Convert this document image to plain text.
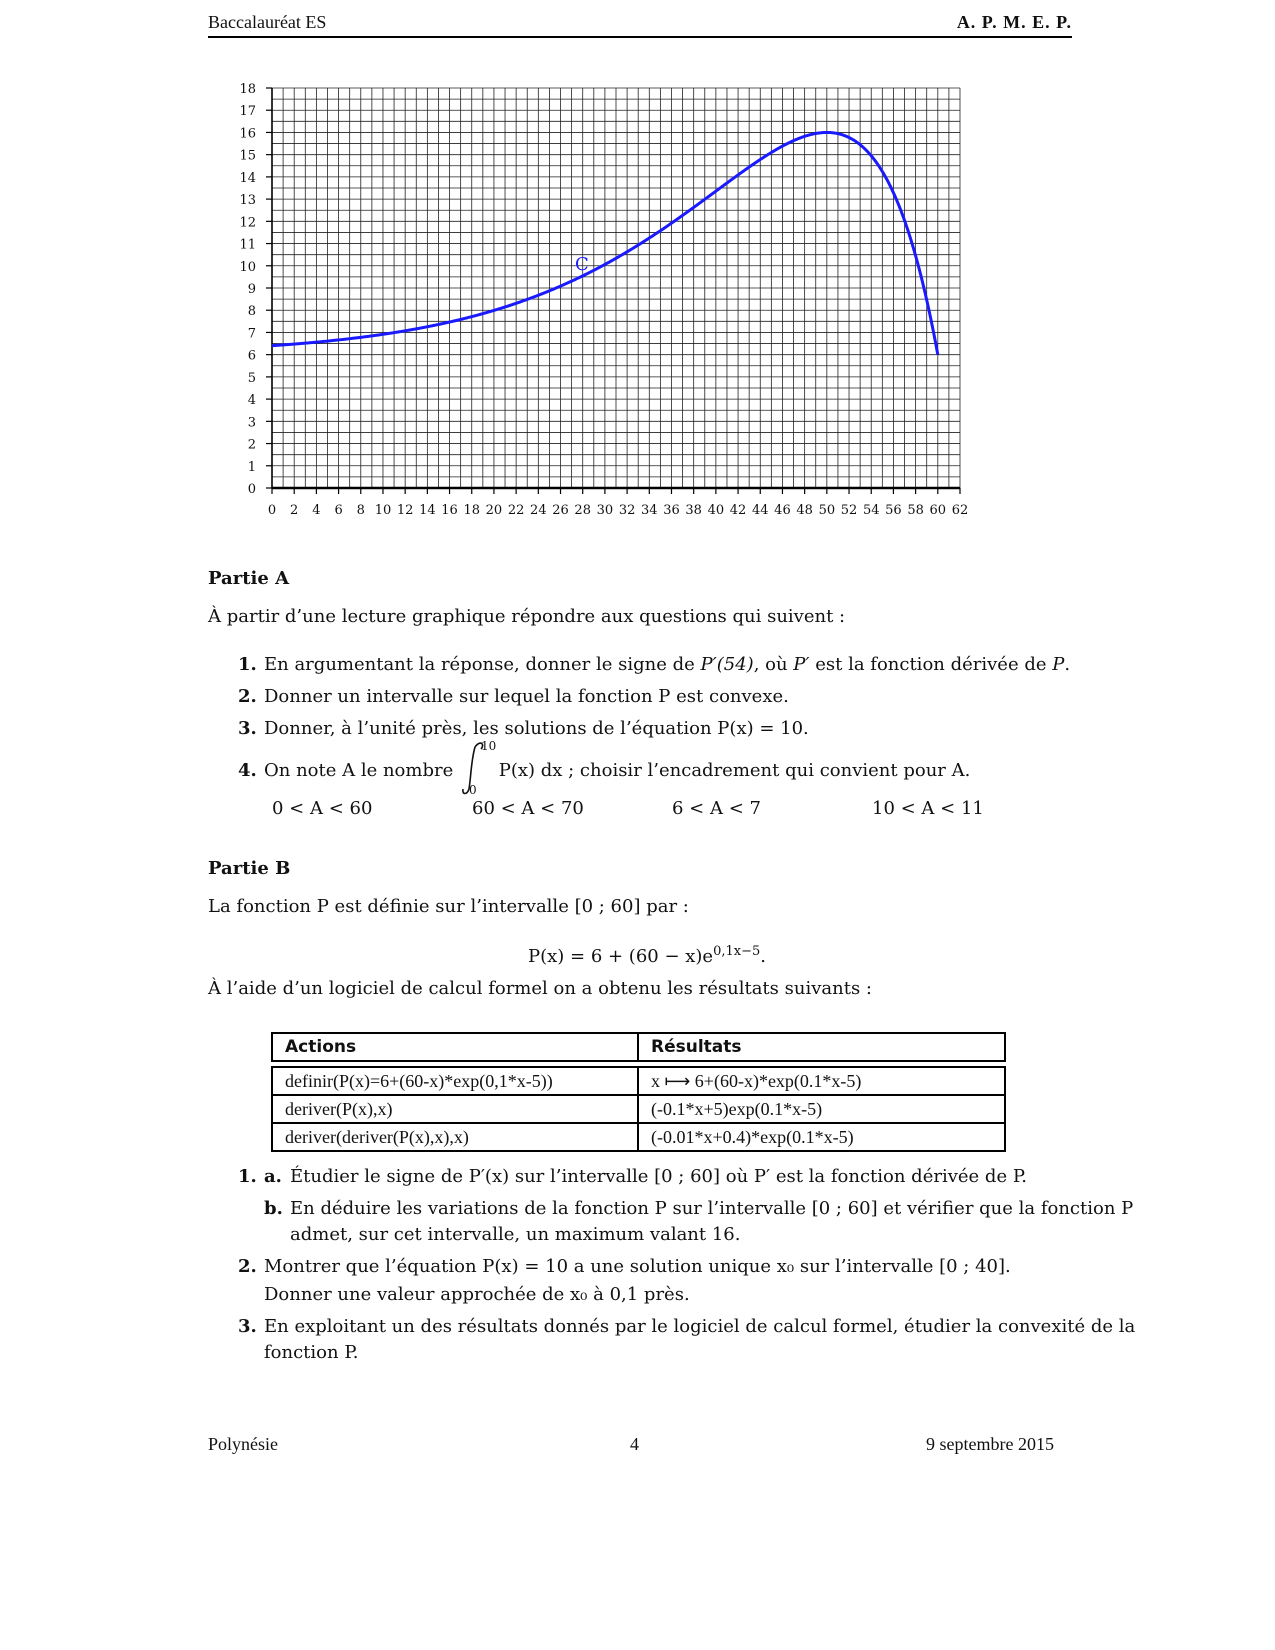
Baccalauréat ES	A. P. M. E. P.
0 2 4 6 8 10 12 14 16 18 20 22 24 26 28 30 32 34 36 38 40 42 44 46 48 50 52 54 56 58 60 62
0
1
2
3
4
5
6
7
8
9
10
11
12
13
14
15
16
17
18
C
Partie A
À partir d’une lecture graphique répondre aux questions qui suivent :
1. En argumentant la réponse, donner le signe de P′(54), où P′ est la fonction dérivée de P.
2. Donner un intervalle sur lequel la fonction P est convexe.
3. Donner, à l’unité près, les solutions de l’équation P(x) = 10.
4. On note A le nombre
10
0
P(x) dx ; choisir l’encadrement qui convient pour A.
0 < A < 60	60 < A < 70	6 < A < 7	10 < A < 11
Partie B
La fonction P est définie sur l’intervalle [0 ; 60] par :
$P(x) = 6 + (60 - x)e^{0,1x-5}$.
À l’aide d’un logiciel de calcul formel on a obtenu les résultats suivants :
Actions	Résultats

definir(P(x)=6+(60-x)*exp(0,1*x-5))	x ⟼ 6+(60-x)*exp(0.1*x-5)
deriver(P(x),x)	(-0.1*x+5)exp(0.1*x-5)
deriver(deriver(P(x),x),x)	(-0.01*x+0.4)*exp(0.1*x-5)
1. a. Étudier le signe de P′(x) sur l’intervalle [0 ; 60] où P′ est la fonction dérivée de P.
b. En déduire les variations de la fonction P sur l’intervalle [0 ; 60] et vérifier que la fonction P
admet, sur cet intervalle, un maximum valant 16.
2. Montrer que l’équation P(x) = 10 a une solution unique x₀ sur l’intervalle [0 ; 40].
Donner une valeur approchée de x₀ à 0,1 près.
3. En exploitant un des résultats donnés par le logiciel de calcul formel, étudier la convexité de la
fonction P.
Polynésie	4	9 septembre 2015
